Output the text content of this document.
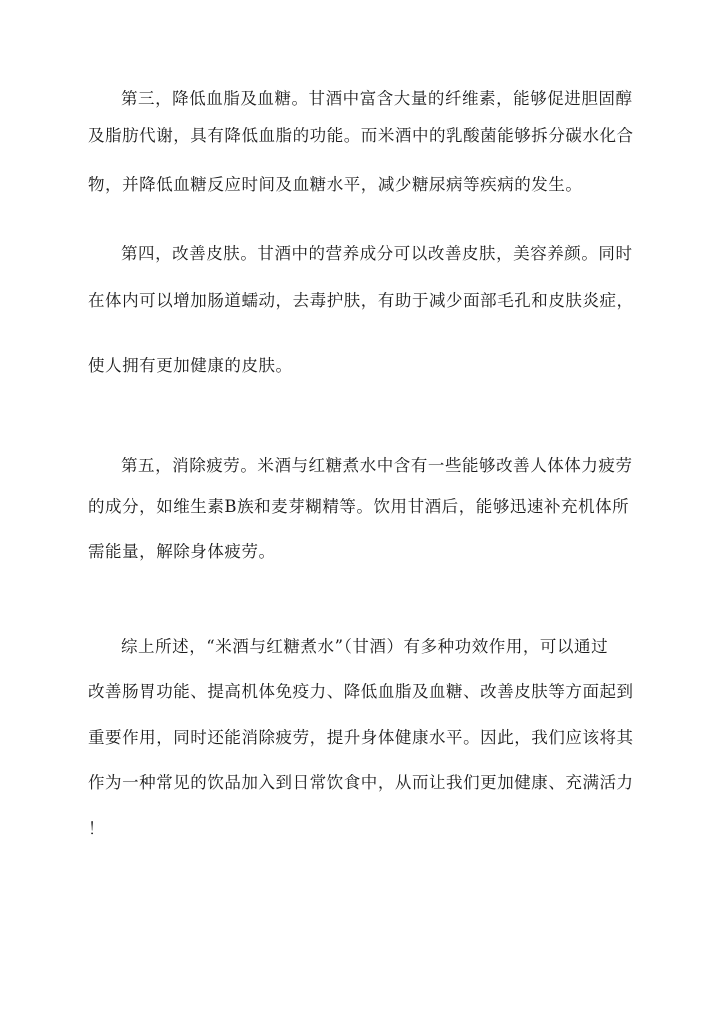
第三，降低血脂及血糖。甘酒中富含大量的纤维素，能够促进胆固醇
及脂肪代谢，具有降低血脂的功能。而米酒中的乳酸菌能够拆分碳水化合
物，并降低血糖反应时间及血糖水平，减少糖尿病等疾病的发生。
第四，改善皮肤。甘酒中的营养成分可以改善皮肤，美容养颜。同时
在体内可以增加肠道蠕动，去毒护肤，有助于减少面部毛孔和皮肤炎症，
使人拥有更加健康的皮肤。
第五，消除疲劳。米酒与红糖煮水中含有一些能够改善人体体力疲劳
的成分，如维生素B族和麦芽糊精等。饮用甘酒后，能够迅速补充机体所
需能量，解除身体疲劳。
综上所述，“米酒与红糖煮水”（甘酒）有多种功效作用，可以通过
改善肠胃功能、提高机体免疫力、降低血脂及血糖、改善皮肤等方面起到
重要作用，同时还能消除疲劳，提升身体健康水平。因此，我们应该将其
作为一种常见的饮品加入到日常饮食中，从而让我们更加健康、充满活力
！
